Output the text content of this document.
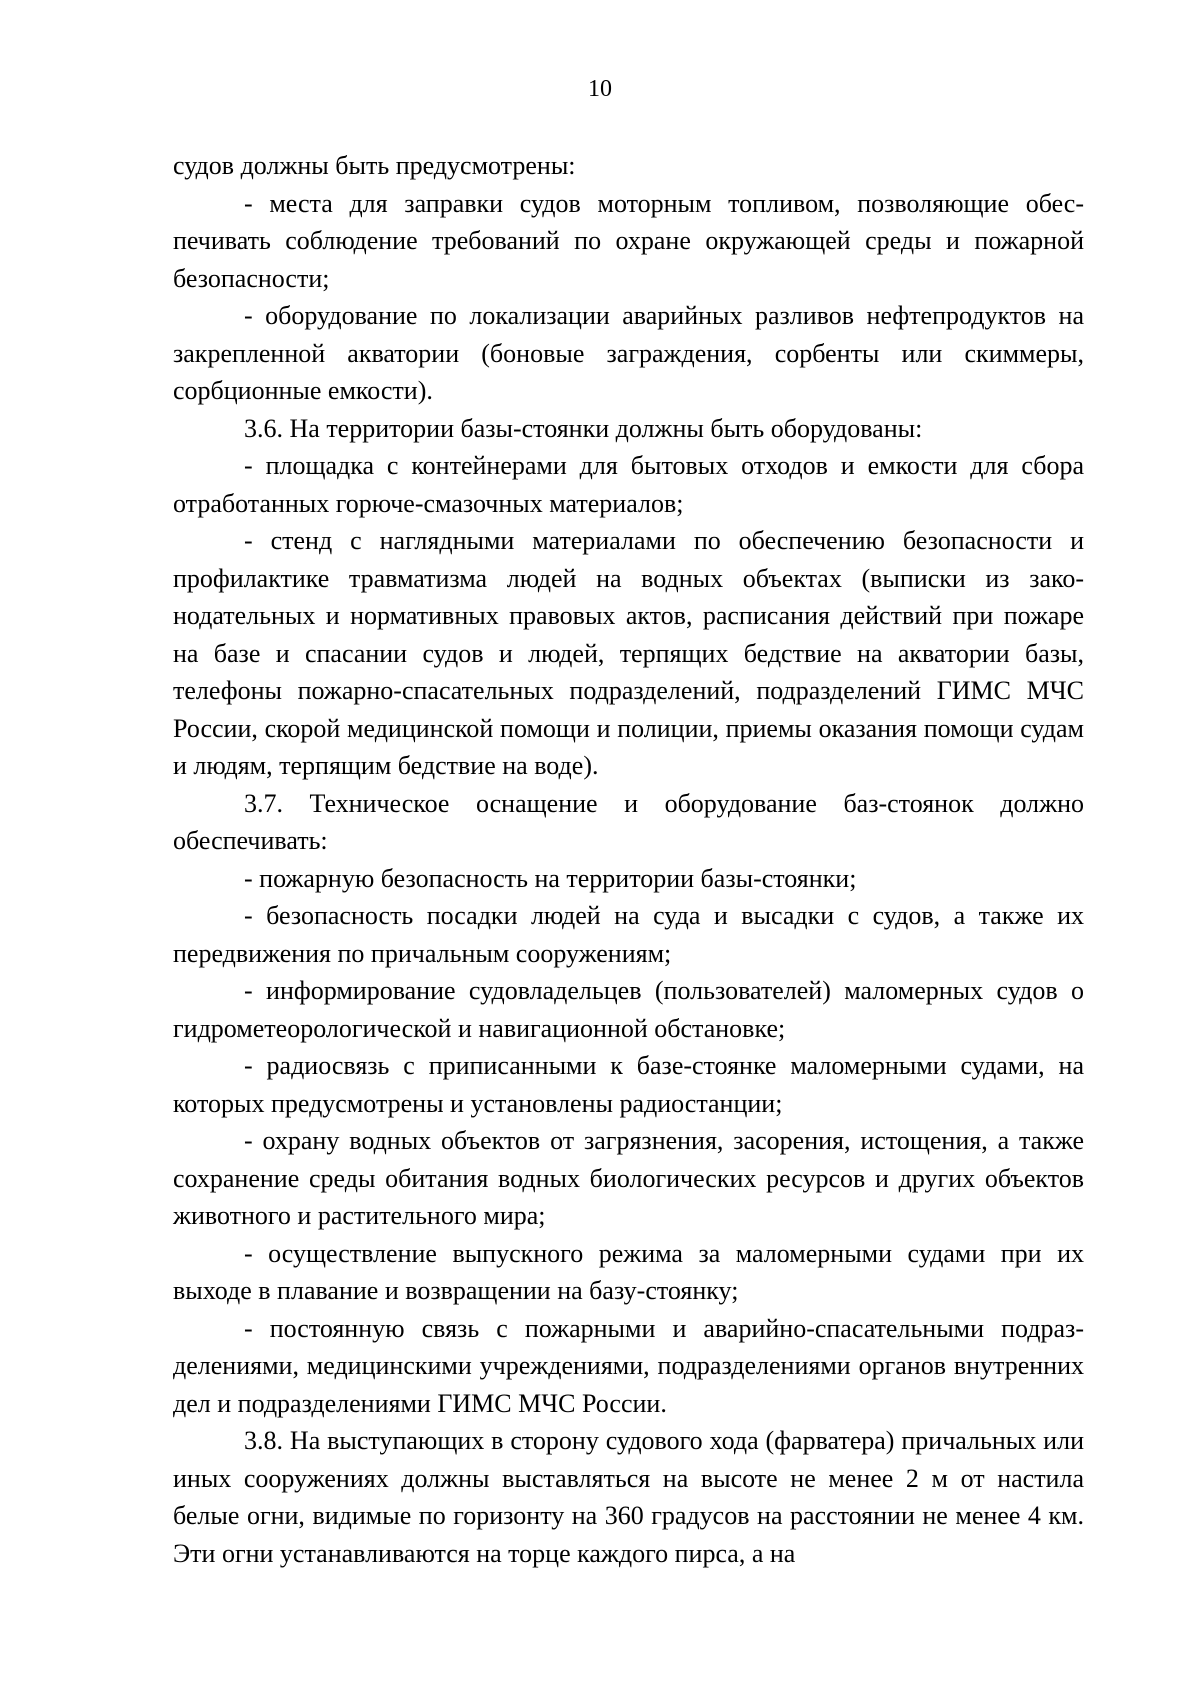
10

судов должны быть предусмотрены:

- места для заправки судов моторным топливом, позволяющие обеспечивать соблюдение требований по охране окружающей среды и пожарной безопасности;

- оборудование по локализации аварийных разливов нефтепродуктов на закрепленной акватории (боновые заграждения, сорбенты или скиммеры, сорбционные емкости).

3.6. На территории базы-стоянки должны быть оборудованы:

- площадка с контейнерами для бытовых отходов и емкости для сбора отработанных горюче-смазочных материалов;

- стенд с наглядными материалами по обеспечению безопасности и профилактике травматизма людей на водных объектах (выписки из законодательных и нормативных правовых актов, расписания действий при пожаре на базе и спасании судов и людей, терпящих бедствие на акватории базы, телефоны пожарно-спасательных подразделений, подразделений ГИМС МЧС России, скорой медицинской помощи и полиции, приемы оказания помощи судам и людям, терпящим бедствие на воде).

3.7. Техническое оснащение и оборудование баз-стоянок должно обеспечивать:

- пожарную безопасность на территории базы-стоянки;

- безопасность посадки людей на суда и высадки с судов, а также их передвижения по причальным сооружениям;

- информирование судовладельцев (пользователей) маломерных судов о гидрометеорологической и навигационной обстановке;

- радиосвязь с приписанными к базе-стоянке маломерными судами, на которых предусмотрены и установлены радиостанции;

- охрану водных объектов от загрязнения, засорения, истощения, а также сохранение среды обитания водных биологических ресурсов и других объектов животного и растительного мира;

- осуществление выпускного режима за маломерными судами при их выходе в плавание и возвращении на базу-стоянку;

- постоянную связь с пожарными и аварийно-спасательными подразделениями, медицинскими учреждениями, подразделениями органов внутренних дел и подразделениями ГИМС МЧС России.

3.8. На выступающих в сторону судового хода (фарватера) причальных или иных сооружениях должны выставляться на высоте не менее 2 м от настила белые огни, видимые по горизонту на 360 градусов на расстоянии не менее 4 км. Эти огни устанавливаются на торце каждого пирса, а на
